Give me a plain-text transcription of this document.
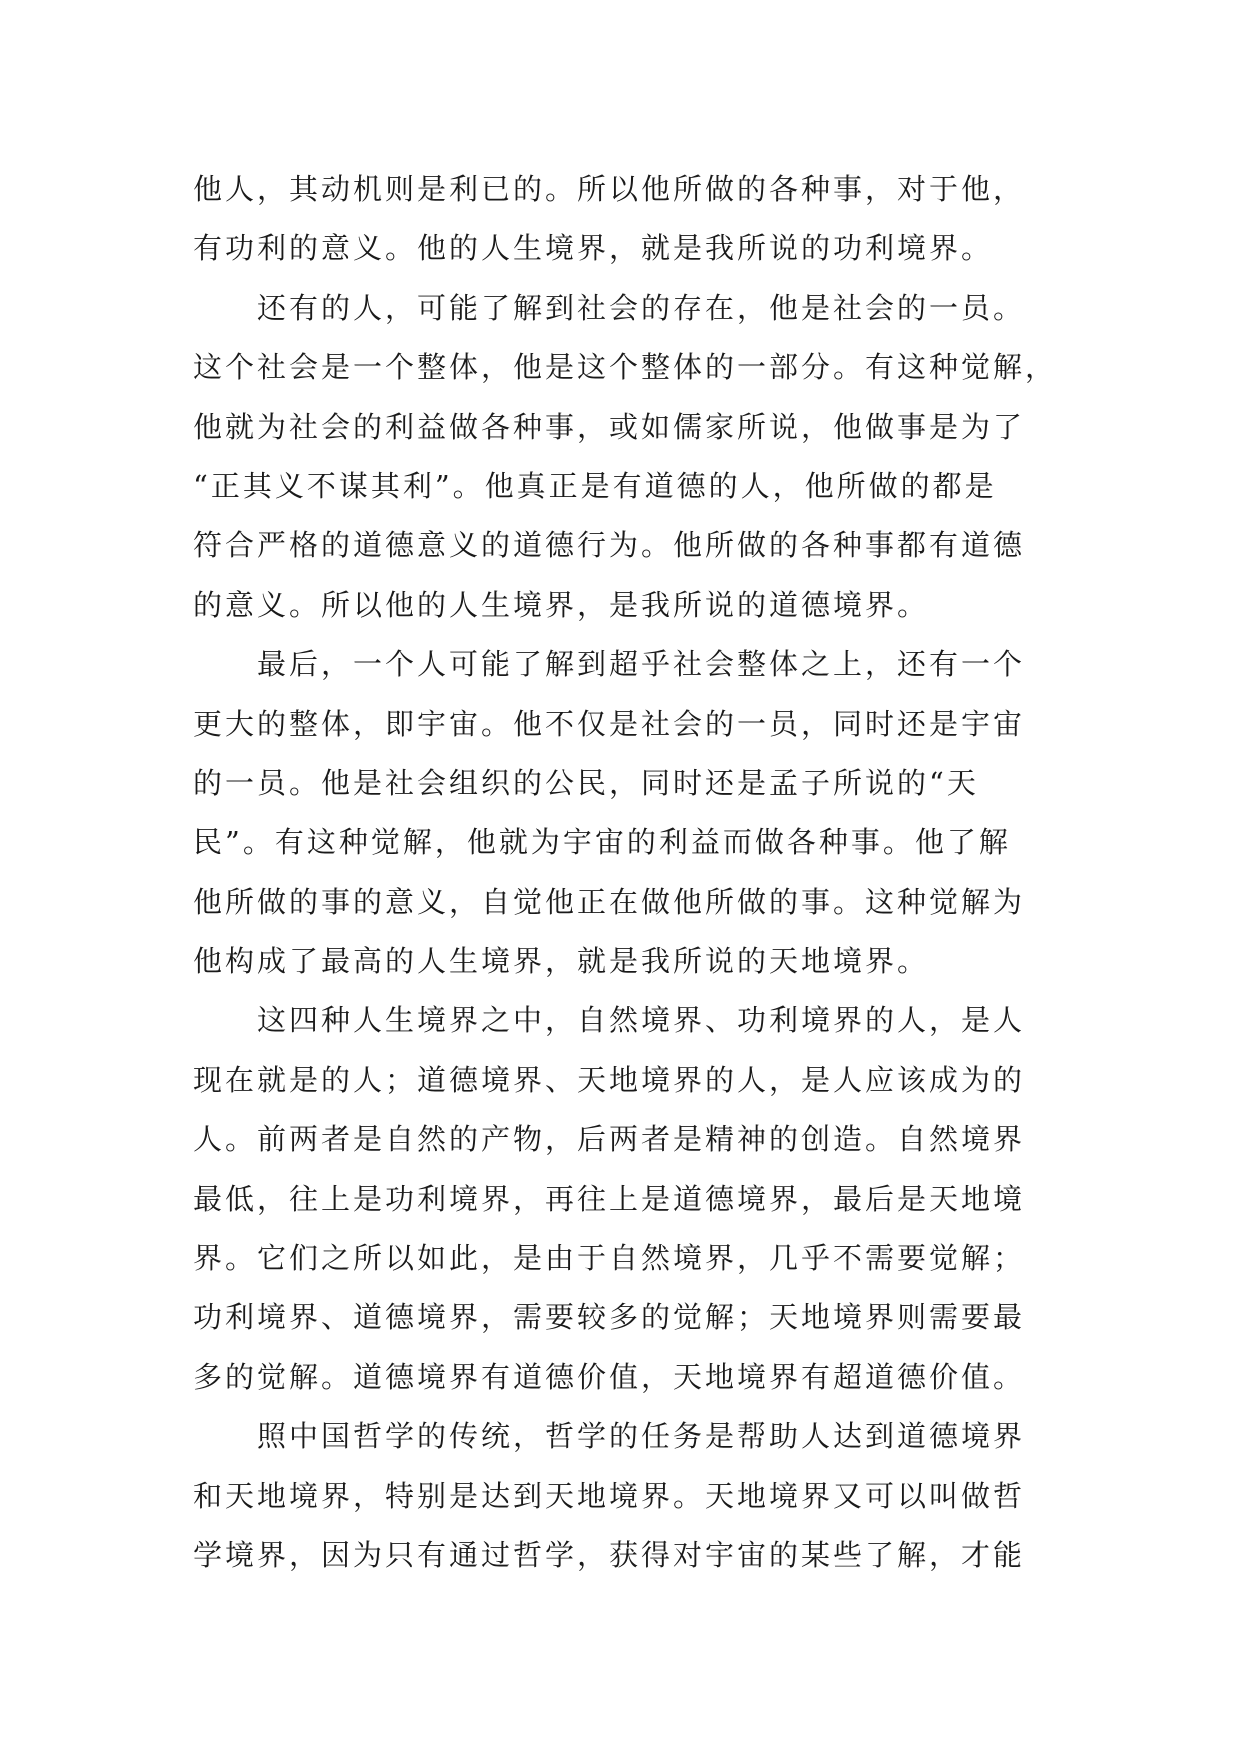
他人，其动机则是利已的。所以他所做的各种事，对于他，
有功利的意义。他的人生境界，就是我所说的功利境界。
还有的人，可能了解到社会的存在，他是社会的一员。
这个社会是一个整体，他是这个整体的一部分。有这种觉解，
他就为社会的利益做各种事，或如儒家所说，他做事是为了
“正其义不谋其利”。他真正是有道德的人，他所做的都是
符合严格的道德意义的道德行为。他所做的各种事都有道德
的意义。所以他的人生境界，是我所说的道德境界。
最后，一个人可能了解到超乎社会整体之上，还有一个
更大的整体，即宇宙。他不仅是社会的一员，同时还是宇宙
的一员。他是社会组织的公民，同时还是孟子所说的“天
民”。有这种觉解，他就为宇宙的利益而做各种事。他了解
他所做的事的意义，自觉他正在做他所做的事。这种觉解为
他构成了最高的人生境界，就是我所说的天地境界。
这四种人生境界之中，自然境界、功利境界的人，是人
现在就是的人；道德境界、天地境界的人，是人应该成为的
人。前两者是自然的产物，后两者是精神的创造。自然境界
最低，往上是功利境界，再往上是道德境界，最后是天地境
界。它们之所以如此，是由于自然境界，几乎不需要觉解；
功利境界、道德境界，需要较多的觉解；天地境界则需要最
多的觉解。道德境界有道德价值，天地境界有超道德价值。
照中国哲学的传统，哲学的任务是帮助人达到道德境界
和天地境界，特别是达到天地境界。天地境界又可以叫做哲
学境界，因为只有通过哲学，获得对宇宙的某些了解，才能
